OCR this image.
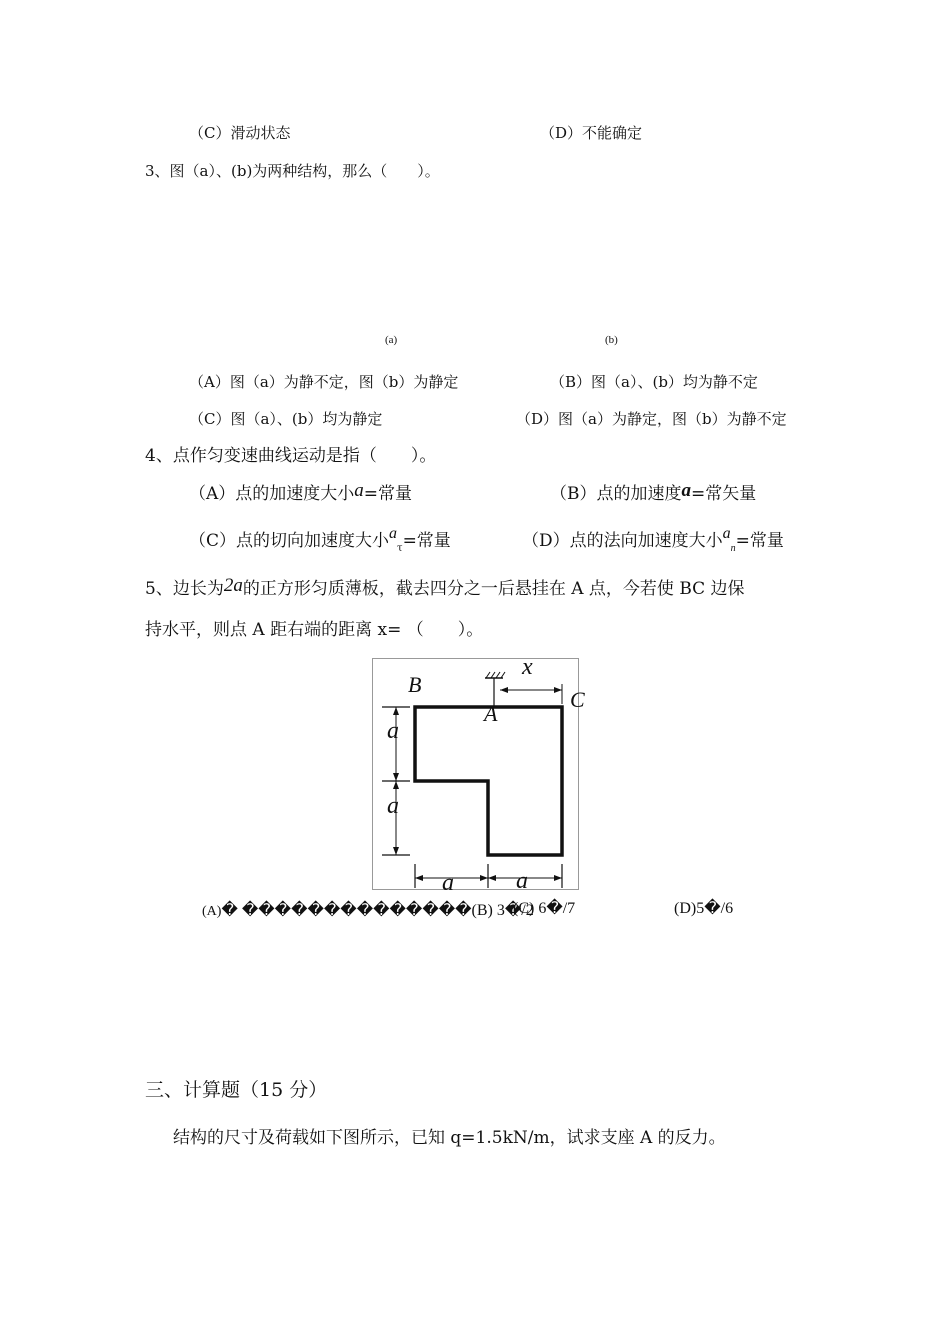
（C）滑动状态	（D）不能确定
3、图（a）、(b)为两种结构，那么（　　）。
(a)	(b)
（A）图（a）为静不定，图（b）为静定	（B）图（a）、(b）均为静不定
（C）图（a）、(b）均为静定	（D）图（a）为静定，图（b）为静不定
4、点作匀变速曲线运动是指（　　）。
（A）点的加速度大小a=常量	（B）点的加速度a=常矢量
（C）点的切向加速度大小$a_\tau=$常量	（D）点的法向加速度大小$a_n=$常量
5、边长为2a的正方形匀质薄板，截去四分之一后悬挂在 A 点，今若使 BC 边保
持水平，则点 A 距右端的距离 x= （　　）。
B
A
C
x
a
a
a	a
(A)� ��������������(B) 3�/2
(C) 6�/7	(D)5�/6
三、计算题（15 分）
结构的尺寸及荷载如下图所示，已知 q=1.5kN/m，试求支座 A 的反力。
